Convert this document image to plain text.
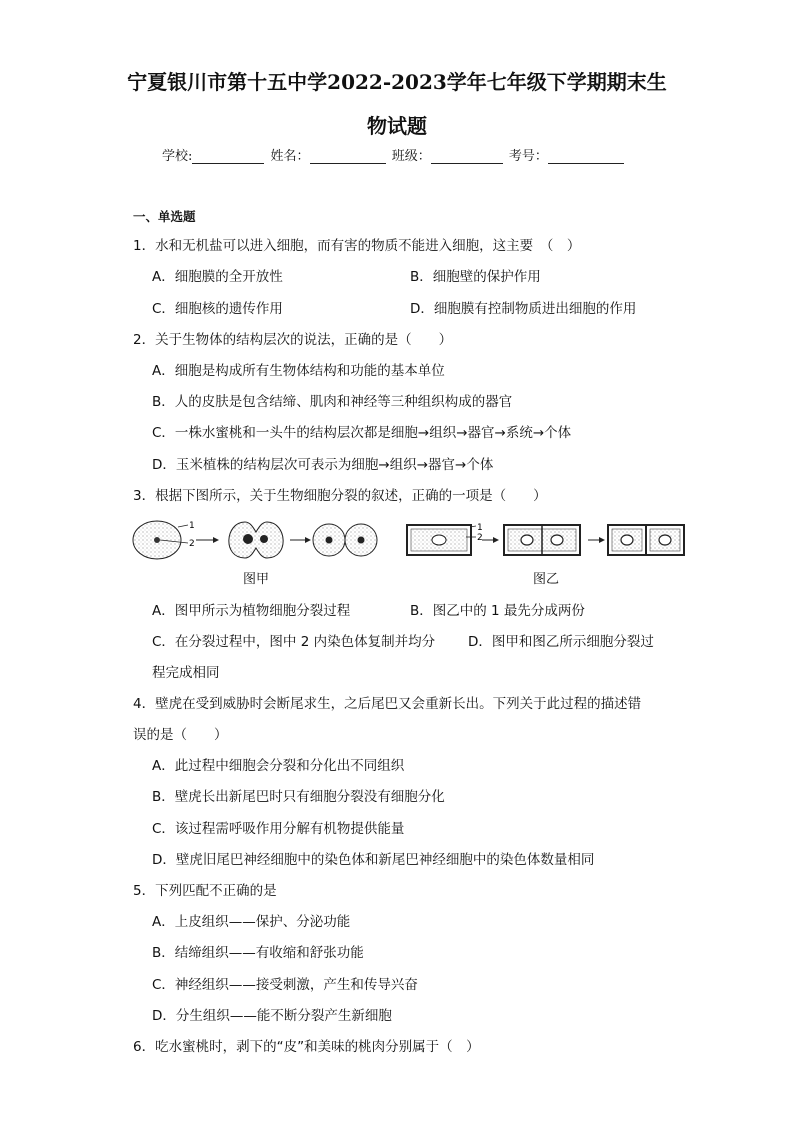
宁夏银川市第十五中学2022-2023学年七年级下学期期末生
物试题
学校:	姓名：	班级：	考号：
一、单选题
1．水和无机盐可以进入细胞，而有害的物质不能进入细胞，这主要　（　）
A．细胞膜的全开放性	B．细胞壁的保护作用
C．细胞核的遗传作用	D．细胞膜有控制物质进出细胞的作用
2．关于生物体的结构层次的说法，正确的是（　　）
A．细胞是构成所有生物体结构和功能的基本单位
B．人的皮肤是包含结缔、肌肉和神经等三种组织构成的器官
C．一株水蜜桃和一头牛的结构层次都是细胞→组织→器官→系统→个体
D．玉米植株的结构层次可表示为细胞→组织→器官→个体
3．根据下图所示，关于生物细胞分裂的叙述，正确的一项是（　　）
1
2
1
2
图甲	图乙
A．图甲所示为植物细胞分裂过程	B．图乙中的 1 最先分成两份
C．在分裂过程中，图中 2 内染色体复制并均分 D．图甲和图乙所示细胞分裂过
程完成相同
4．壁虎在受到威胁时会断尾求生，之后尾巴又会重新长出。下列关于此过程的描述错
误的是（　　）
A．此过程中细胞会分裂和分化出不同组织
B．壁虎长出新尾巴时只有细胞分裂没有细胞分化
C．该过程需呼吸作用分解有机物提供能量
D．壁虎旧尾巴神经细胞中的染色体和新尾巴神经细胞中的染色体数量相同
5．下列匹配不正确的是
A．上皮组织——保护、分泌功能
B．结缔组织——有收缩和舒张功能
C．神经组织——接受刺激，产生和传导兴奋
D．分生组织——能不断分裂产生新细胞
6．吃水蜜桃时，剥下的“皮”和美味的桃肉分别属于（　）
